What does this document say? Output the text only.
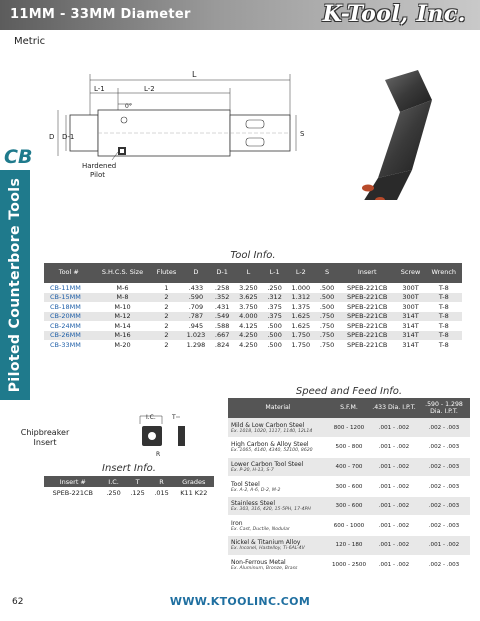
11MM - 33MM Diameter	K-Tool, Inc.
Metric
CB
Piloted Counterbore Tools
L
L-1	L-2
0°
D D-1	S
Hardened
Pilot
Tool Info.
Tool #	S.H.C.S. Size	Flutes	D	D-1	L	L-1	L-2	S	Insert	Screw	Wrench
CB-11MM	M-6	1	.433	.258	3.250	.250	1.000	.500	SPEB-221CB	300T	T-8
CB-15MM	M-8	2	.590	.352	3.625	.312	1.312	.500	SPEB-221CB	300T	T-8
CB-18MM	M-10	2	.709	.431	3.750	.375	1.375	.500	SPEB-221CB	300T	T-8
CB-20MM	M-12	2	.787	.549	4.000	.375	1.625	.750	SPEB-221CB	314T	T-8
CB-24MM	M-14	2	.945	.588	4.125	.500	1.625	.750	SPEB-221CB	314T	T-8
CB-26MM	M-16	2	1.023	.667	4.250	.500	1.750	.750	SPEB-221CB	314T	T-8
CB-33MM	M-20	2	1.298	.824	4.250	.500	1.750	.750	SPEB-221CB	314T	T-8
Chipbreaker
Insert
I.C.	T
R
Insert Info.
Insert #	I.C.	T	R	Grades
SPEB-221CB	.250	.125	.015	K11 K22
Speed and Feed Info.
Material	S.F.M.	.433 Dia. I.P.T.	.590 - 1.298 Dia. I.P.T.

Mild & Low Carbon Steel
Ex. 1018, 1020, 1117, 1140, 12L14	800 - 1200	.001 - .002	.002 - .003

High Carbon & Alloy Steel
Ex. 1065, 4140, 4340, 52100, 8620	500 - 800	.001 - .002	.002 - .003

Lower Carbon Tool Steel
Ex. P-20, H-13, S-7	400 - 700	.001 - .002	.002 - .003

Tool Steel
Ex. A-2, A-6, D-2, M-2	300 - 600	.001 - .002	.002 - .003

Stainless Steel
Ex. 303, 316, 420, 15-5PH, 17-4PH	300 - 600	.001 - .002	.002 - .003

Iron
Ex. Cast, Ductile, Nodular	600 - 1000	.001 - .002	.002 - .003

Nickel & Titanium Alloy
Ex. Inconel, Hastelloy, Ti-6AL-4V	120 - 180	.001 - .002	.001 - .002

Non-Ferrous Metal
Ex. Aluminum, Bronze, Brass	1000 - 2500	.001 - .002	.002 - .003
62	WWW.KTOOLINC.COM
